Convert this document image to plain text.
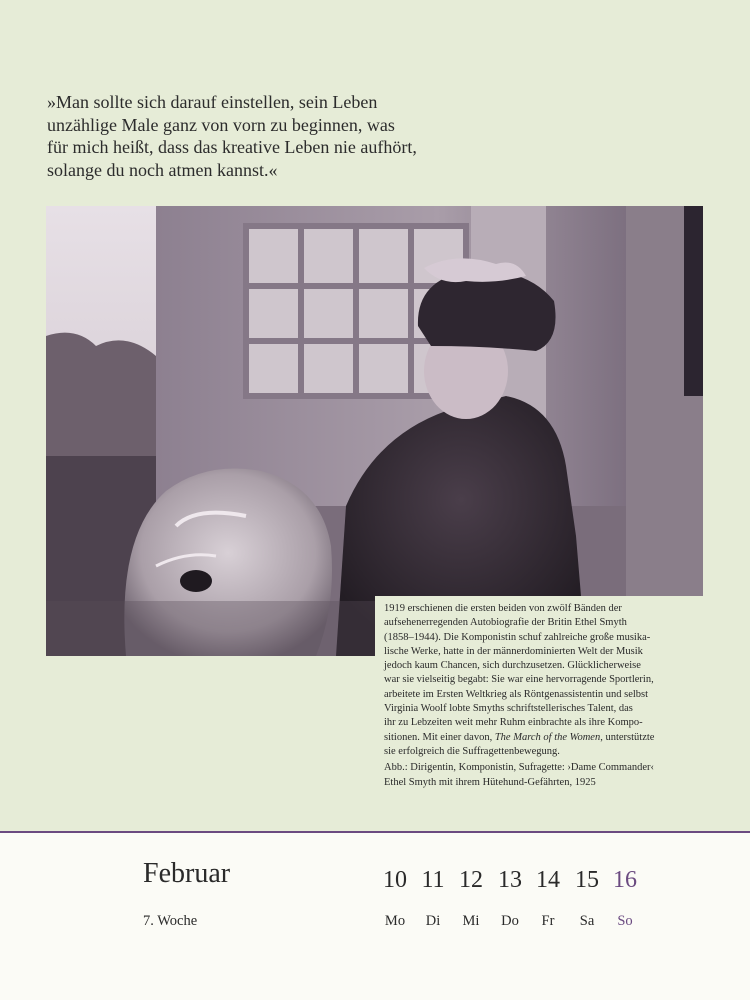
»Man sollte sich darauf einstellen, sein Leben
unzählige Male ganz von vorn zu beginnen, was
für mich heißt, dass das kreative Leben nie aufhört,
solange du noch atmen kannst.«

1919 erschienen die ersten beiden von zwölf Bänden der
aufsehenerregenden Autobiografie der Britin Ethel Smyth
(1858–1944). Die Komponistin schuf zahlreiche große musika-
lische Werke, hatte in der männerdominierten Welt der Musik
jedoch kaum Chancen, sich durchzusetzen. Glücklicherweise
war sie vielseitig begabt: Sie war eine hervorragende Sportlerin,
arbeitete im Ersten Weltkrieg als Röntgenassistentin und selbst
Virginia Woolf lobte Smyths schriftstellerisches Talent, das
ihr zu Lebzeiten weit mehr Ruhm einbrachte als ihre Kompo-
sitionen. Mit einer davon, The March of the Women, unterstützte
sie erfolgreich die Suffragettenbewegung.
Abb.: Dirigentin, Komponistin, Sufragette: ›Dame Commander‹
Ethel Smyth mit ihrem Hütehund-Gefährten, 1925
Februar
7. Woche
10
Mo
11
Di
12
Mi
13
Do
14
Fr
15
Sa
16
So
